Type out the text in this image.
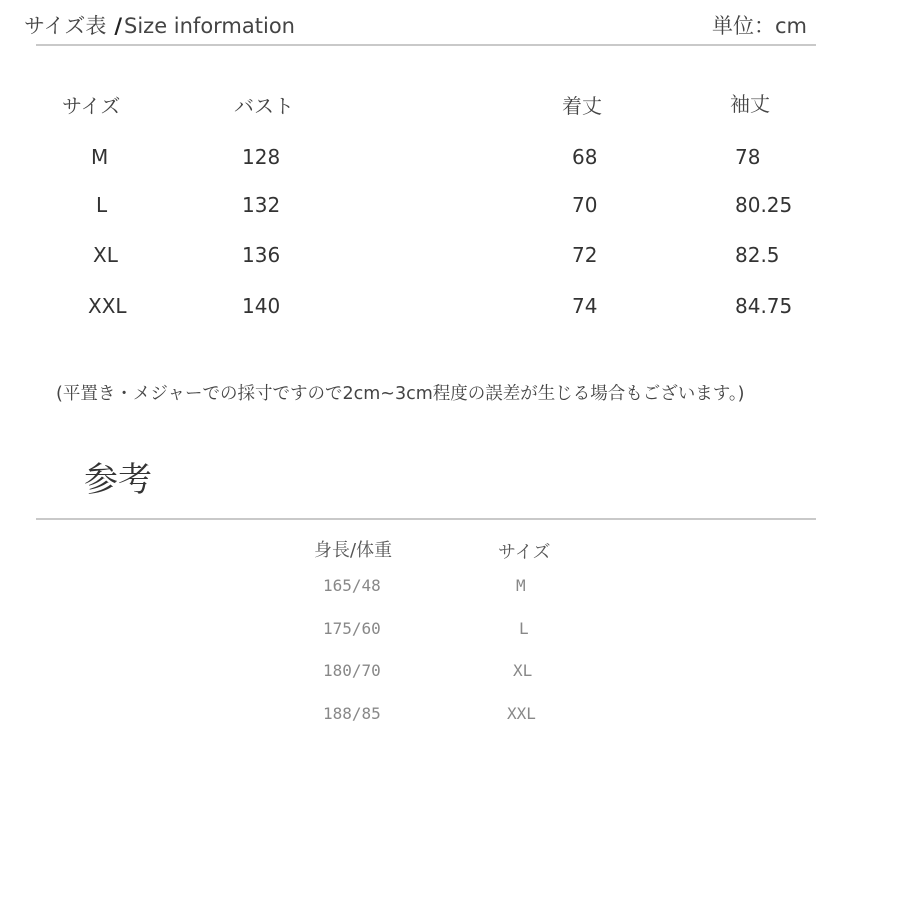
サイズ表 /Size information	単位：cm
サイズ	バスト	着丈	袖丈
M	128	68	78
L	132	70	80.25
XL	136	72	82.5
XXL	140	74	84.75
(平置き・メジャーでの採寸ですので2cm~3cm程度の誤差が生じる場合もございます。)
参考
身長/体重	サイズ
165/48	M
175/60	L
180/70	XL
188/85	XXL
